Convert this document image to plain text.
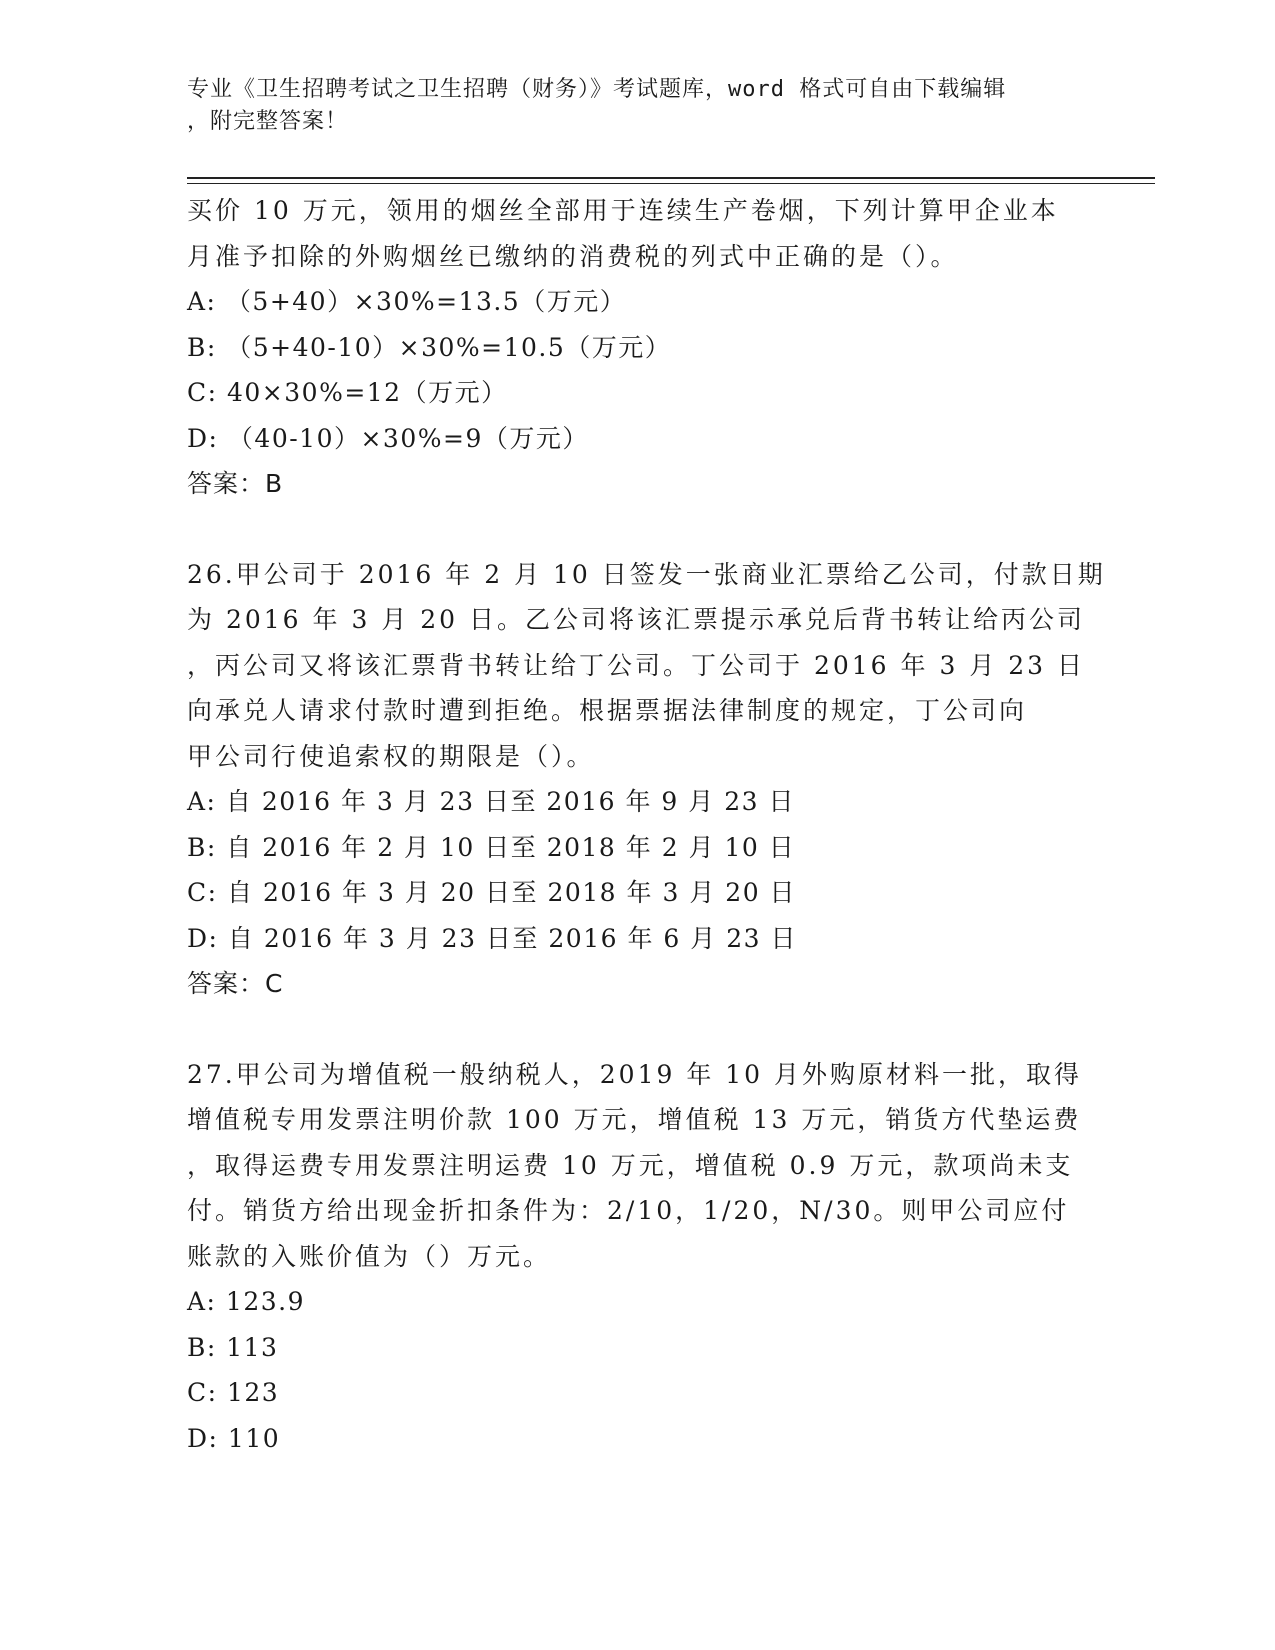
专业《卫生招聘考试之卫生招聘（财务）》考试题库，word 格式可自由下载编辑
，附完整答案！
买价 10 万元，领用的烟丝全部用于连续生产卷烟，下列计算甲企业本
月准予扣除的外购烟丝已缴纳的消费税的列式中正确的是（）。
A: （5+40）×30%=13.5（万元）
B: （5+40-10）×30%=10.5（万元）
C: 40×30%=12（万元）
D: （40-10）×30%=9（万元）
答案：B
26.甲公司于 2016 年 2 月 10 日签发一张商业汇票给乙公司，付款日期
为 2016 年 3 月 20 日。乙公司将该汇票提示承兑后背书转让给丙公司
，丙公司又将该汇票背书转让给丁公司。丁公司于 2016 年 3 月 23 日
向承兑人请求付款时遭到拒绝。根据票据法律制度的规定，丁公司向
甲公司行使追索权的期限是（）。
A: 自 2016 年 3 月 23 日至 2016 年 9 月 23 日
B: 自 2016 年 2 月 10 日至 2018 年 2 月 10 日
C: 自 2016 年 3 月 20 日至 2018 年 3 月 20 日
D: 自 2016 年 3 月 23 日至 2016 年 6 月 23 日
答案：C
27.甲公司为增值税一般纳税人，2019 年 10 月外购原材料一批，取得
增值税专用发票注明价款 100 万元，增值税 13 万元，销货方代垫运费
，取得运费专用发票注明运费 10 万元，增值税 0.9 万元，款项尚未支
付。销货方给出现金折扣条件为：2/10，1/20，N/30。则甲公司应付
账款的入账价值为（）万元。
A: 123.9
B: 113
C: 123
D: 110
